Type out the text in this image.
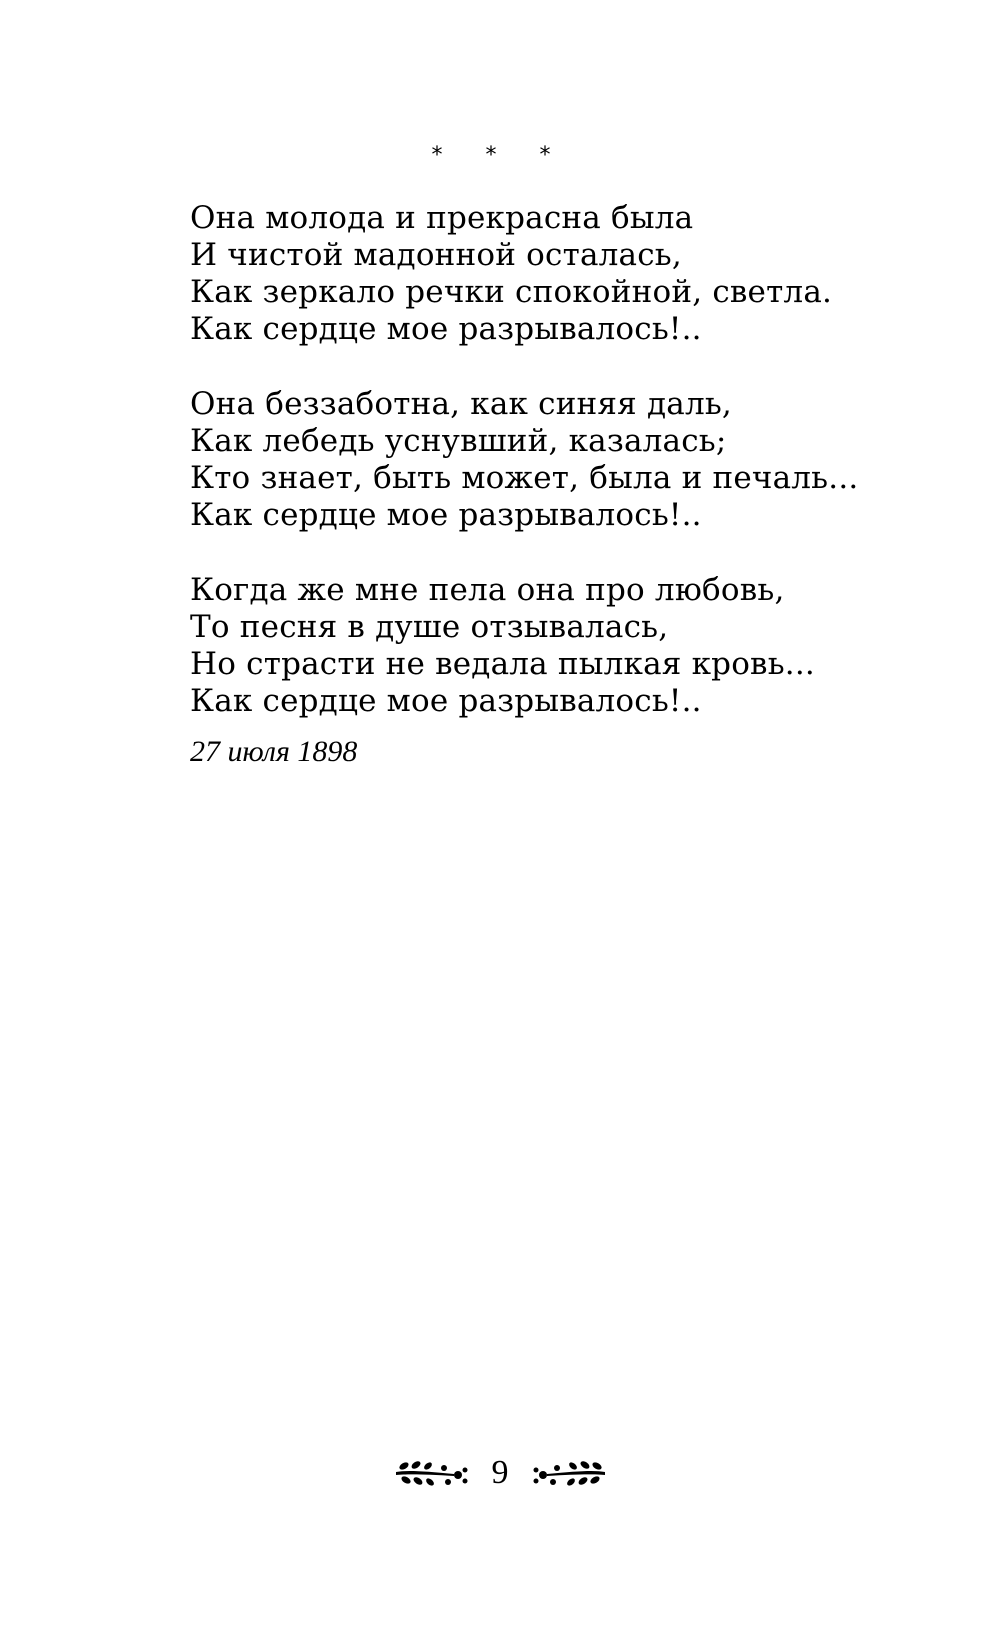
* * *
Она молода и прекрасна была
И чистой мадонной осталась,
Как зеркало речки спокойной, светла.
Как сердце мое разрывалось!..
Она беззаботна, как синяя даль,
Как лебедь уснувший, казалась;
Кто знает, быть может, была и печаль...
Как сердце мое разрывалось!..
Когда же мне пела она про любовь,
То песня в душе отзывалась,
Но страсти не ведала пылкая кровь...
Как сердце мое разрывалось!..
27 июля 1898
9
